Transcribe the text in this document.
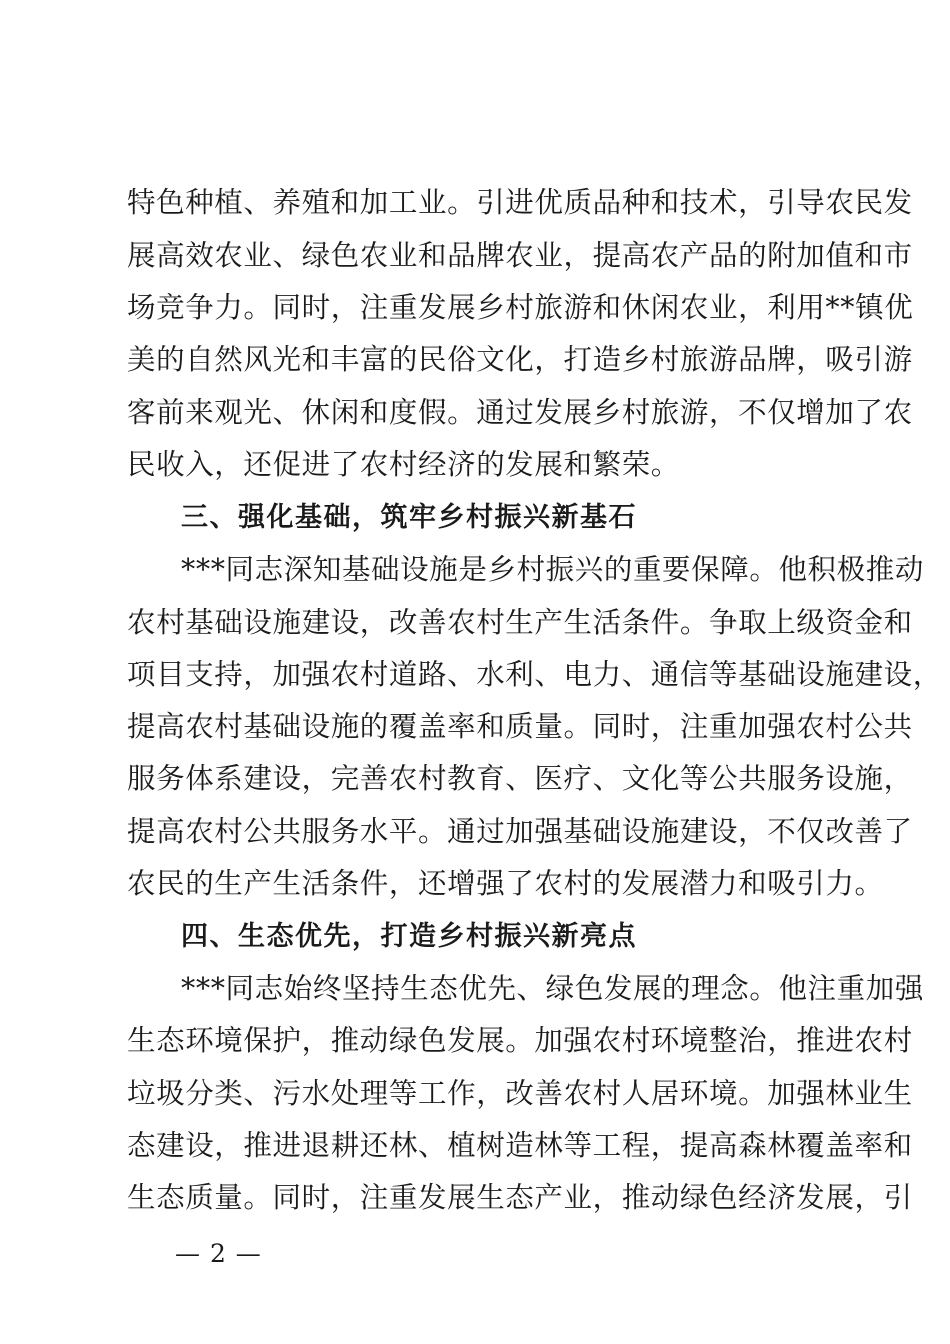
特色种植、养殖和加工业。引进优质品种和技术，引导农民发
展高效农业、绿色农业和品牌农业，提高农产品的附加值和市
场竞争力。同时，注重发展乡村旅游和休闲农业，利用**镇优
美的自然风光和丰富的民俗文化，打造乡村旅游品牌，吸引游
客前来观光、休闲和度假。通过发展乡村旅游，不仅增加了农
民收入，还促进了农村经济的发展和繁荣。
三、强化基础，筑牢乡村振兴新基石
***同志深知基础设施是乡村振兴的重要保障。他积极推动
农村基础设施建设，改善农村生产生活条件。争取上级资金和
项目支持，加强农村道路、水利、电力、通信等基础设施建设，
提高农村基础设施的覆盖率和质量。同时，注重加强农村公共
服务体系建设，完善农村教育、医疗、文化等公共服务设施，
提高农村公共服务水平。通过加强基础设施建设，不仅改善了
农民的生产生活条件，还增强了农村的发展潜力和吸引力。
四、生态优先，打造乡村振兴新亮点
***同志始终坚持生态优先、绿色发展的理念。他注重加强
生态环境保护，推动绿色发展。加强农村环境整治，推进农村
垃圾分类、污水处理等工作，改善农村人居环境。加强林业生
态建设，推进退耕还林、植树造林等工程，提高森林覆盖率和
生态质量。同时，注重发展生态产业，推动绿色经济发展，引
— 2 —
